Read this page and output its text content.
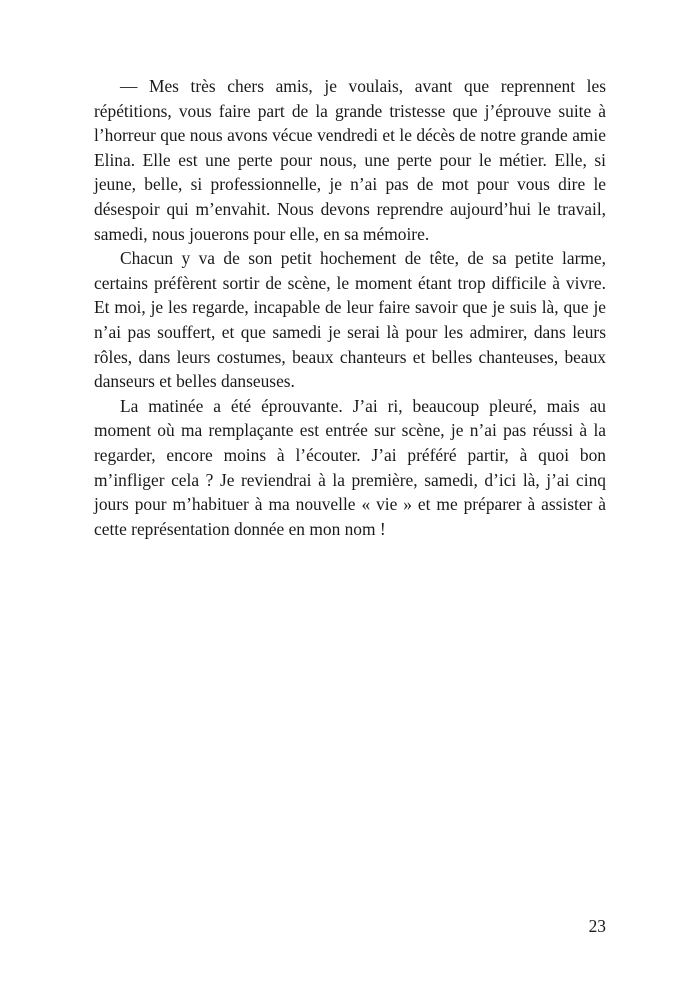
— Mes très chers amis, je voulais, avant que reprennent les répétitions, vous faire part de la grande tristesse que j’éprouve suite à l’horreur que nous avons vécue vendredi et le décès de notre grande amie Elina. Elle est une perte pour nous, une perte pour le métier. Elle, si jeune, belle, si professionnelle, je n’ai pas de mot pour vous dire le désespoir qui m’envahit. Nous devons reprendre aujourd’hui le travail, samedi, nous jouerons pour elle, en sa mémoire.

Chacun y va de son petit hochement de tête, de sa petite larme, certains préfèrent sortir de scène, le moment étant trop difficile à vivre. Et moi, je les regarde, incapable de leur faire savoir que je suis là, que je n’ai pas souffert, et que samedi je serai là pour les admirer, dans leurs rôles, dans leurs costumes, beaux chanteurs et belles chanteuses, beaux danseurs et belles danseuses.

La matinée a été éprouvante. J’ai ri, beaucoup pleuré, mais au moment où ma remplaçante est entrée sur scène, je n’ai pas réussi à la regarder, encore moins à l’écouter. J’ai préféré partir, à quoi bon m’infliger cela ? Je reviendrai à la première, samedi, d’ici là, j’ai cinq jours pour m’habituer à ma nouvelle « vie » et me préparer à assister à cette représentation donnée en mon nom !

23
